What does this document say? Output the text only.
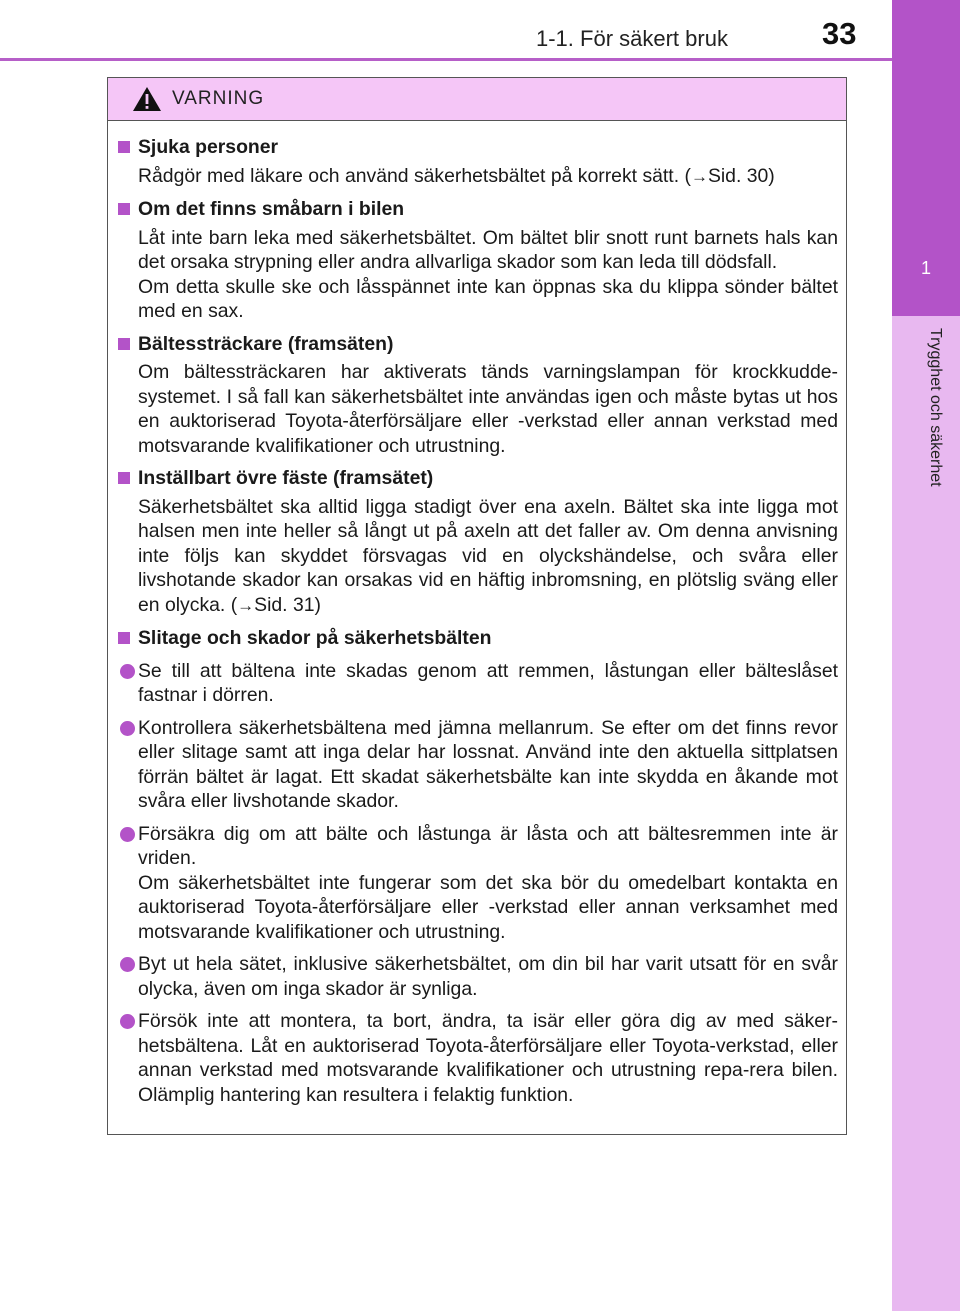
1-1. För säkert bruk	33
1
Trygghet och säkerhet
VARNING
Sjuka personer
Rådgör med läkare och använd säkerhetsbältet på korrekt sätt. (→Sid. 30)
Om det finns småbarn i bilen
Låt inte barn leka med säkerhetsbältet. Om bältet blir snott runt barnets hals kan det orsaka strypning eller andra allvarliga skador som kan leda till dödsfall.
Om detta skulle ske och låsspännet inte kan öppnas ska du klippa sönder bältet med en sax.
Bältessträckare (framsäten)
Om bältessträckaren har aktiverats tänds varningslampan för krockkudde-systemet. I så fall kan säkerhetsbältet inte användas igen och måste bytas ut hos en auktoriserad Toyota-återförsäljare eller -verkstad eller annan verkstad med motsvarande kvalifikationer och utrustning.
Inställbart övre fäste (framsätet)
Säkerhetsbältet ska alltid ligga stadigt över ena axeln. Bältet ska inte ligga mot halsen men inte heller så långt ut på axeln att det faller av. Om denna anvisning inte följs kan skyddet försvagas vid en olyckshändelse, och svåra eller livshotande skador kan orsakas vid en häftig inbromsning, en plötslig sväng eller en olycka. (→Sid. 31)
Slitage och skador på säkerhetsbälten
Se till att bältena inte skadas genom att remmen, låstungan eller bälteslåset fastnar i dörren.
Kontrollera säkerhetsbältena med jämna mellanrum. Se efter om det finns revor eller slitage samt att inga delar har lossnat. Använd inte den aktuella sittplatsen förrän bältet är lagat. Ett skadat säkerhetsbälte kan inte skydda en åkande mot svåra eller livshotande skador.
Försäkra dig om att bälte och låstunga är låsta och att bältesremmen inte är vriden.
Om säkerhetsbältet inte fungerar som det ska bör du omedelbart kontakta en auktoriserad Toyota-återförsäljare eller -verkstad eller annan verksamhet med motsvarande kvalifikationer och utrustning.
Byt ut hela sätet, inklusive säkerhetsbältet, om din bil har varit utsatt för en svår olycka, även om inga skador är synliga.
Försök inte att montera, ta bort, ändra, ta isär eller göra dig av med säker-hetsbältena. Låt en auktoriserad Toyota-återförsäljare eller Toyota-verkstad, eller annan verkstad med motsvarande kvalifikationer och utrustning repa-rera bilen. Olämplig hantering kan resultera i felaktig funktion.
